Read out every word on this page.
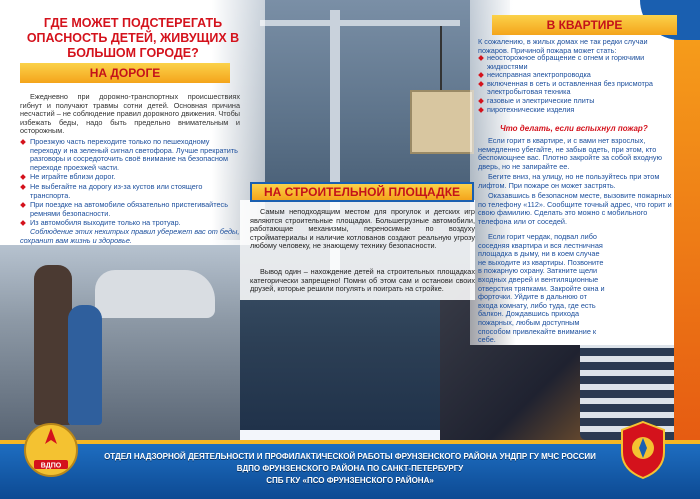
ГДЕ МОЖЕТ ПОДСТЕРЕГАТЬ ОПАСНОСТЬ ДЕТЕЙ, ЖИВУЩИХ В БОЛЬШОМ ГОРОДЕ?
НА ДОРОГЕ
Ежедневно при дорожно-транспортных происшествиях гибнут и получают травмы сотни детей. Основная причина несчастий – не соблюдение правил дорожного движения. Чтобы избежать беды, надо быть предельно внимательным и осторожным.
Проезжую часть переходите только по пешеходному переходу и на зеленый сигнал светофора. Лучше прекратить разговоры и сосредоточить своё внимание на безопасном переходе проезжей части.
Не играйте вблизи дорог.
Не выбегайте на дорогу из-за кустов или стоящего транспорта.
При поездке на автомобиле обязательно пристегивайтесь ремнями безопасности.
Из автомобиля выходите только на тротуар.
Соблюдение этих нехитрых правил убережет вас от беды, сохранит вам жизнь и здоровье.
НА СТРОИТЕЛЬНОЙ ПЛОЩАДКЕ
Самым неподходящим местом для прогулок и детских игр являются строительные площадки. Большегрузные автомобили, работающие механизмы, переносимые по воздуху стройматериалы и наличие котлованов создают реальную угрозу любому человеку, не знающему технику безопасности.
Вывод один – нахождение детей на строительных площадках категорически запрещено! Помни об этом сам и останови своих друзей, которые решили погулять и поиграть на стройке.
В КВАРТИРЕ
К сожалению, в жилых домах не так редки случаи пожаров. Причиной пожара может стать:
неосторожное обращение с огнем и горючими жидкостями
неисправная электропроводка
включенная в сеть и оставленная без присмотра электробытовая техника
газовые и электрические плиты
пиротехнические изделия
Что делать, если вспыхнул пожар?
Если горит в квартире, и с вами нет взрослых, немедленно убегайте, не забыв одеть, при этом, кто беспомощнее вас. Плотно закройте за собой входную дверь, но не запирайте ее.
Бегите вниз, на улицу, но не пользуйтесь при этом лифтом. При пожаре он может застрять.
Оказавшись в безопасном месте, вызовите пожарных по телефону «112». Сообщите точный адрес, что горит и свою фамилию. Сделать это можно с мобильного телефона или от соседей.
Если горит чердак, подвал либо соседняя квартира и вся лестничная площадка в дыму, ни в коем случае не выходите из квартиры. Позвоните в пожарную охрану. Заткните щели входных дверей и вентиляционные отверстия тряпками. Закройте окна и форточки. Уйдите в дальнюю от входа комнату, либо туда, где есть балкон. Дождавшись прихода пожарных, любым доступным способом привлекайте внимание к себе.
ОТДЕЛ НАДЗОРНОЙ ДЕЯТЕЛЬНОСТИ И ПРОФИЛАКТИЧЕСКОЙ РАБОТЫ ФРУНЗЕНСКОГО РАЙОНА УНДПР ГУ МЧС РОССИИ
ВДПО ФРУНЗЕНСКОГО РАЙОНА ПО САНКТ-ПЕТЕРБУРГУ
СПБ ГКУ «ПСО ФРУНЗЕНСКОГО РАЙОНА»
ВДПО
